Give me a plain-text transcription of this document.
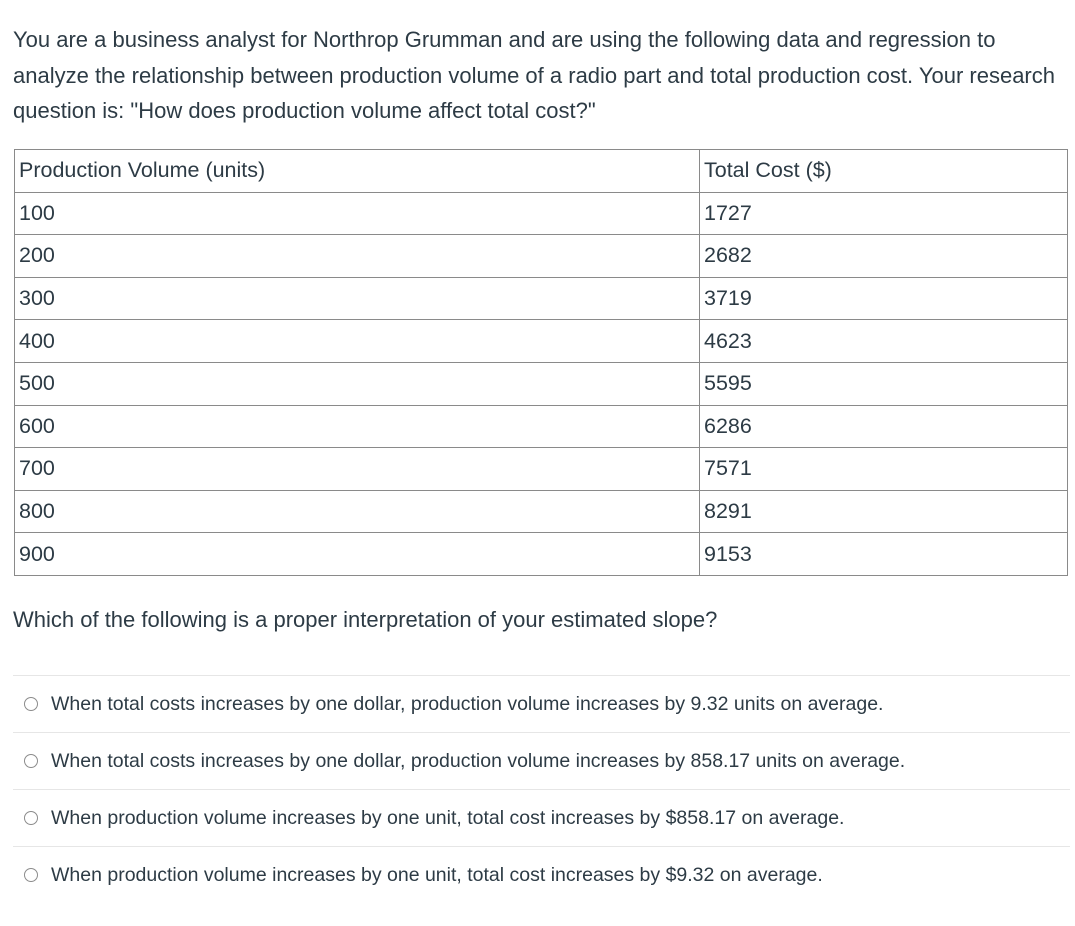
You are a business analyst for Northrop Grumman and are using the following data and regression to analyze the relationship between production volume of a radio part and total production cost. Your research question is: "How does production volume affect total cost?"

Production Volume (units)	Total Cost ($)
100	1727
200	2682
300	3719
400	4623
500	5595
600	6286
700	7571
800	8291
900	9153

Which of the following is a proper interpretation of your estimated slope?

When total costs increases by one dollar, production volume increases by 9.32 units on average.
When total costs increases by one dollar, production volume increases by 858.17 units on average.
When production volume increases by one unit, total cost increases by $858.17 on average.
When production volume increases by one unit, total cost increases by $9.32 on average.
